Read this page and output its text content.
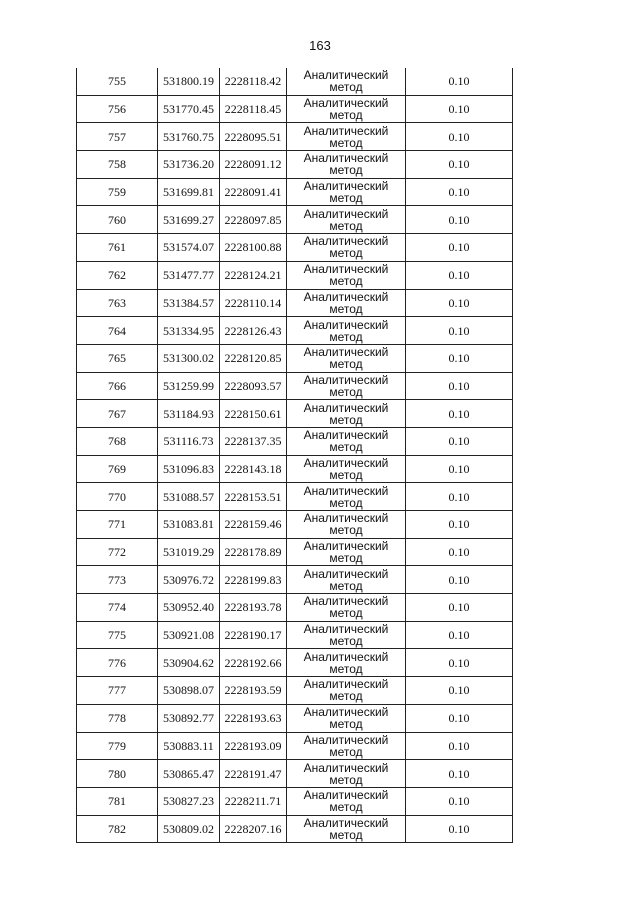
163
755	531800.19	2228118.42	Аналитический
метод	0.10
756	531770.45	2228118.45	Аналитический
метод	0.10
757	531760.75	2228095.51	Аналитический
метод	0.10
758	531736.20	2228091.12	Аналитический
метод	0.10
759	531699.81	2228091.41	Аналитический
метод	0.10
760	531699.27	2228097.85	Аналитический
метод	0.10
761	531574.07	2228100.88	Аналитический
метод	0.10
762	531477.77	2228124.21	Аналитический
метод	0.10
763	531384.57	2228110.14	Аналитический
метод	0.10
764	531334.95	2228126.43	Аналитический
метод	0.10
765	531300.02	2228120.85	Аналитический
метод	0.10
766	531259.99	2228093.57	Аналитический
метод	0.10
767	531184.93	2228150.61	Аналитический
метод	0.10
768	531116.73	2228137.35	Аналитический
метод	0.10
769	531096.83	2228143.18	Аналитический
метод	0.10
770	531088.57	2228153.51	Аналитический
метод	0.10
771	531083.81	2228159.46	Аналитический
метод	0.10
772	531019.29	2228178.89	Аналитический
метод	0.10
773	530976.72	2228199.83	Аналитический
метод	0.10
774	530952.40	2228193.78	Аналитический
метод	0.10
775	530921.08	2228190.17	Аналитический
метод	0.10
776	530904.62	2228192.66	Аналитический
метод	0.10
777	530898.07	2228193.59	Аналитический
метод	0.10
778	530892.77	2228193.63	Аналитический
метод	0.10
779	530883.11	2228193.09	Аналитический
метод	0.10
780	530865.47	2228191.47	Аналитический
метод	0.10
781	530827.23	2228211.71	Аналитический
метод	0.10
782	530809.02	2228207.16	Аналитический
метод	0.10
